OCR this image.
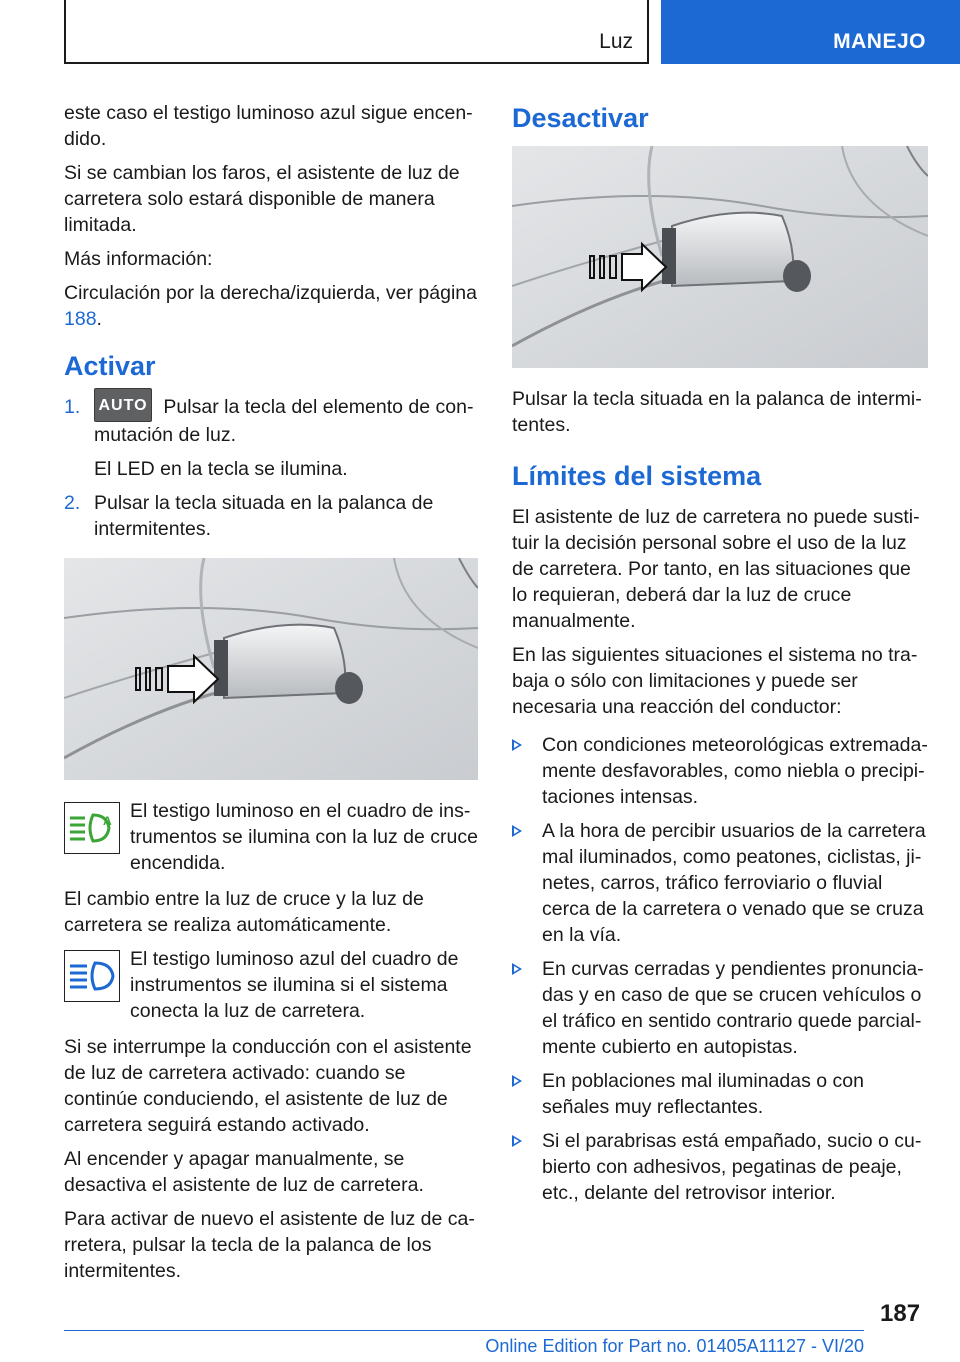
Luz	MANEJO

este caso el testigo luminoso azul sigue encendido.

Si se cambian los faros, el asistente de luz de carretera solo estará disponible de manera limitada.

Más información:

Circulación por la derecha/izquierda, ver página 188.

Activar
1. AUTO Pulsar la tecla del elemento de conmutación de luz.
El LED en la tecla se ilumina.
2. Pulsar la tecla situada en la palanca de intermitentes.
A El testigo luminoso en el cuadro de instrumentos se ilumina con la luz de cruce encendida.

El cambio entre la luz de cruce y la luz de carretera se realiza automáticamente.

El testigo luminoso azul del cuadro de instrumentos se ilumina si el sistema conecta la luz de carretera.

Si se interrumpe la conducción con el asistente de luz de carretera activado: cuando se continúe conduciendo, el asistente de luz de carretera seguirá estando activado.

Al encender y apagar manualmente, se desactiva el asistente de luz de carretera.

Para activar de nuevo el asistente de luz de carretera, pulsar la tecla de la palanca de los intermitentes.

Desactivar

Pulsar la tecla situada en la palanca de intermitentes.

Límites del sistema

El asistente de luz de carretera no puede sustituir la decisión personal sobre el uso de la luz de carretera. Por tanto, en las situaciones que lo requieran, deberá dar la luz de cruce manualmente.

En las siguientes situaciones el sistema no trabaja o sólo con limitaciones y puede ser necesaria una reacción del conductor:

Con condiciones meteorológicas extremadamente desfavorables, como niebla o precipitaciones intensas.
A la hora de percibir usuarios de la carretera mal iluminados, como peatones, ciclistas, jinetes, carros, tráfico ferroviario o fluvial cerca de la carretera o venado que se cruza en la vía.
En curvas cerradas y pendientes pronunciadas y en caso de que se crucen vehículos o el tráfico en sentido contrario quede parcialmente cubierto en autopistas.
En poblaciones mal iluminadas o con señales muy reflectantes.
Si el parabrisas está empañado, sucio o cubierto con adhesivos, pegatinas de peaje, etc., delante del retrovisor interior.
187
Online Edition for Part no. 01405A11127 - VI/20
